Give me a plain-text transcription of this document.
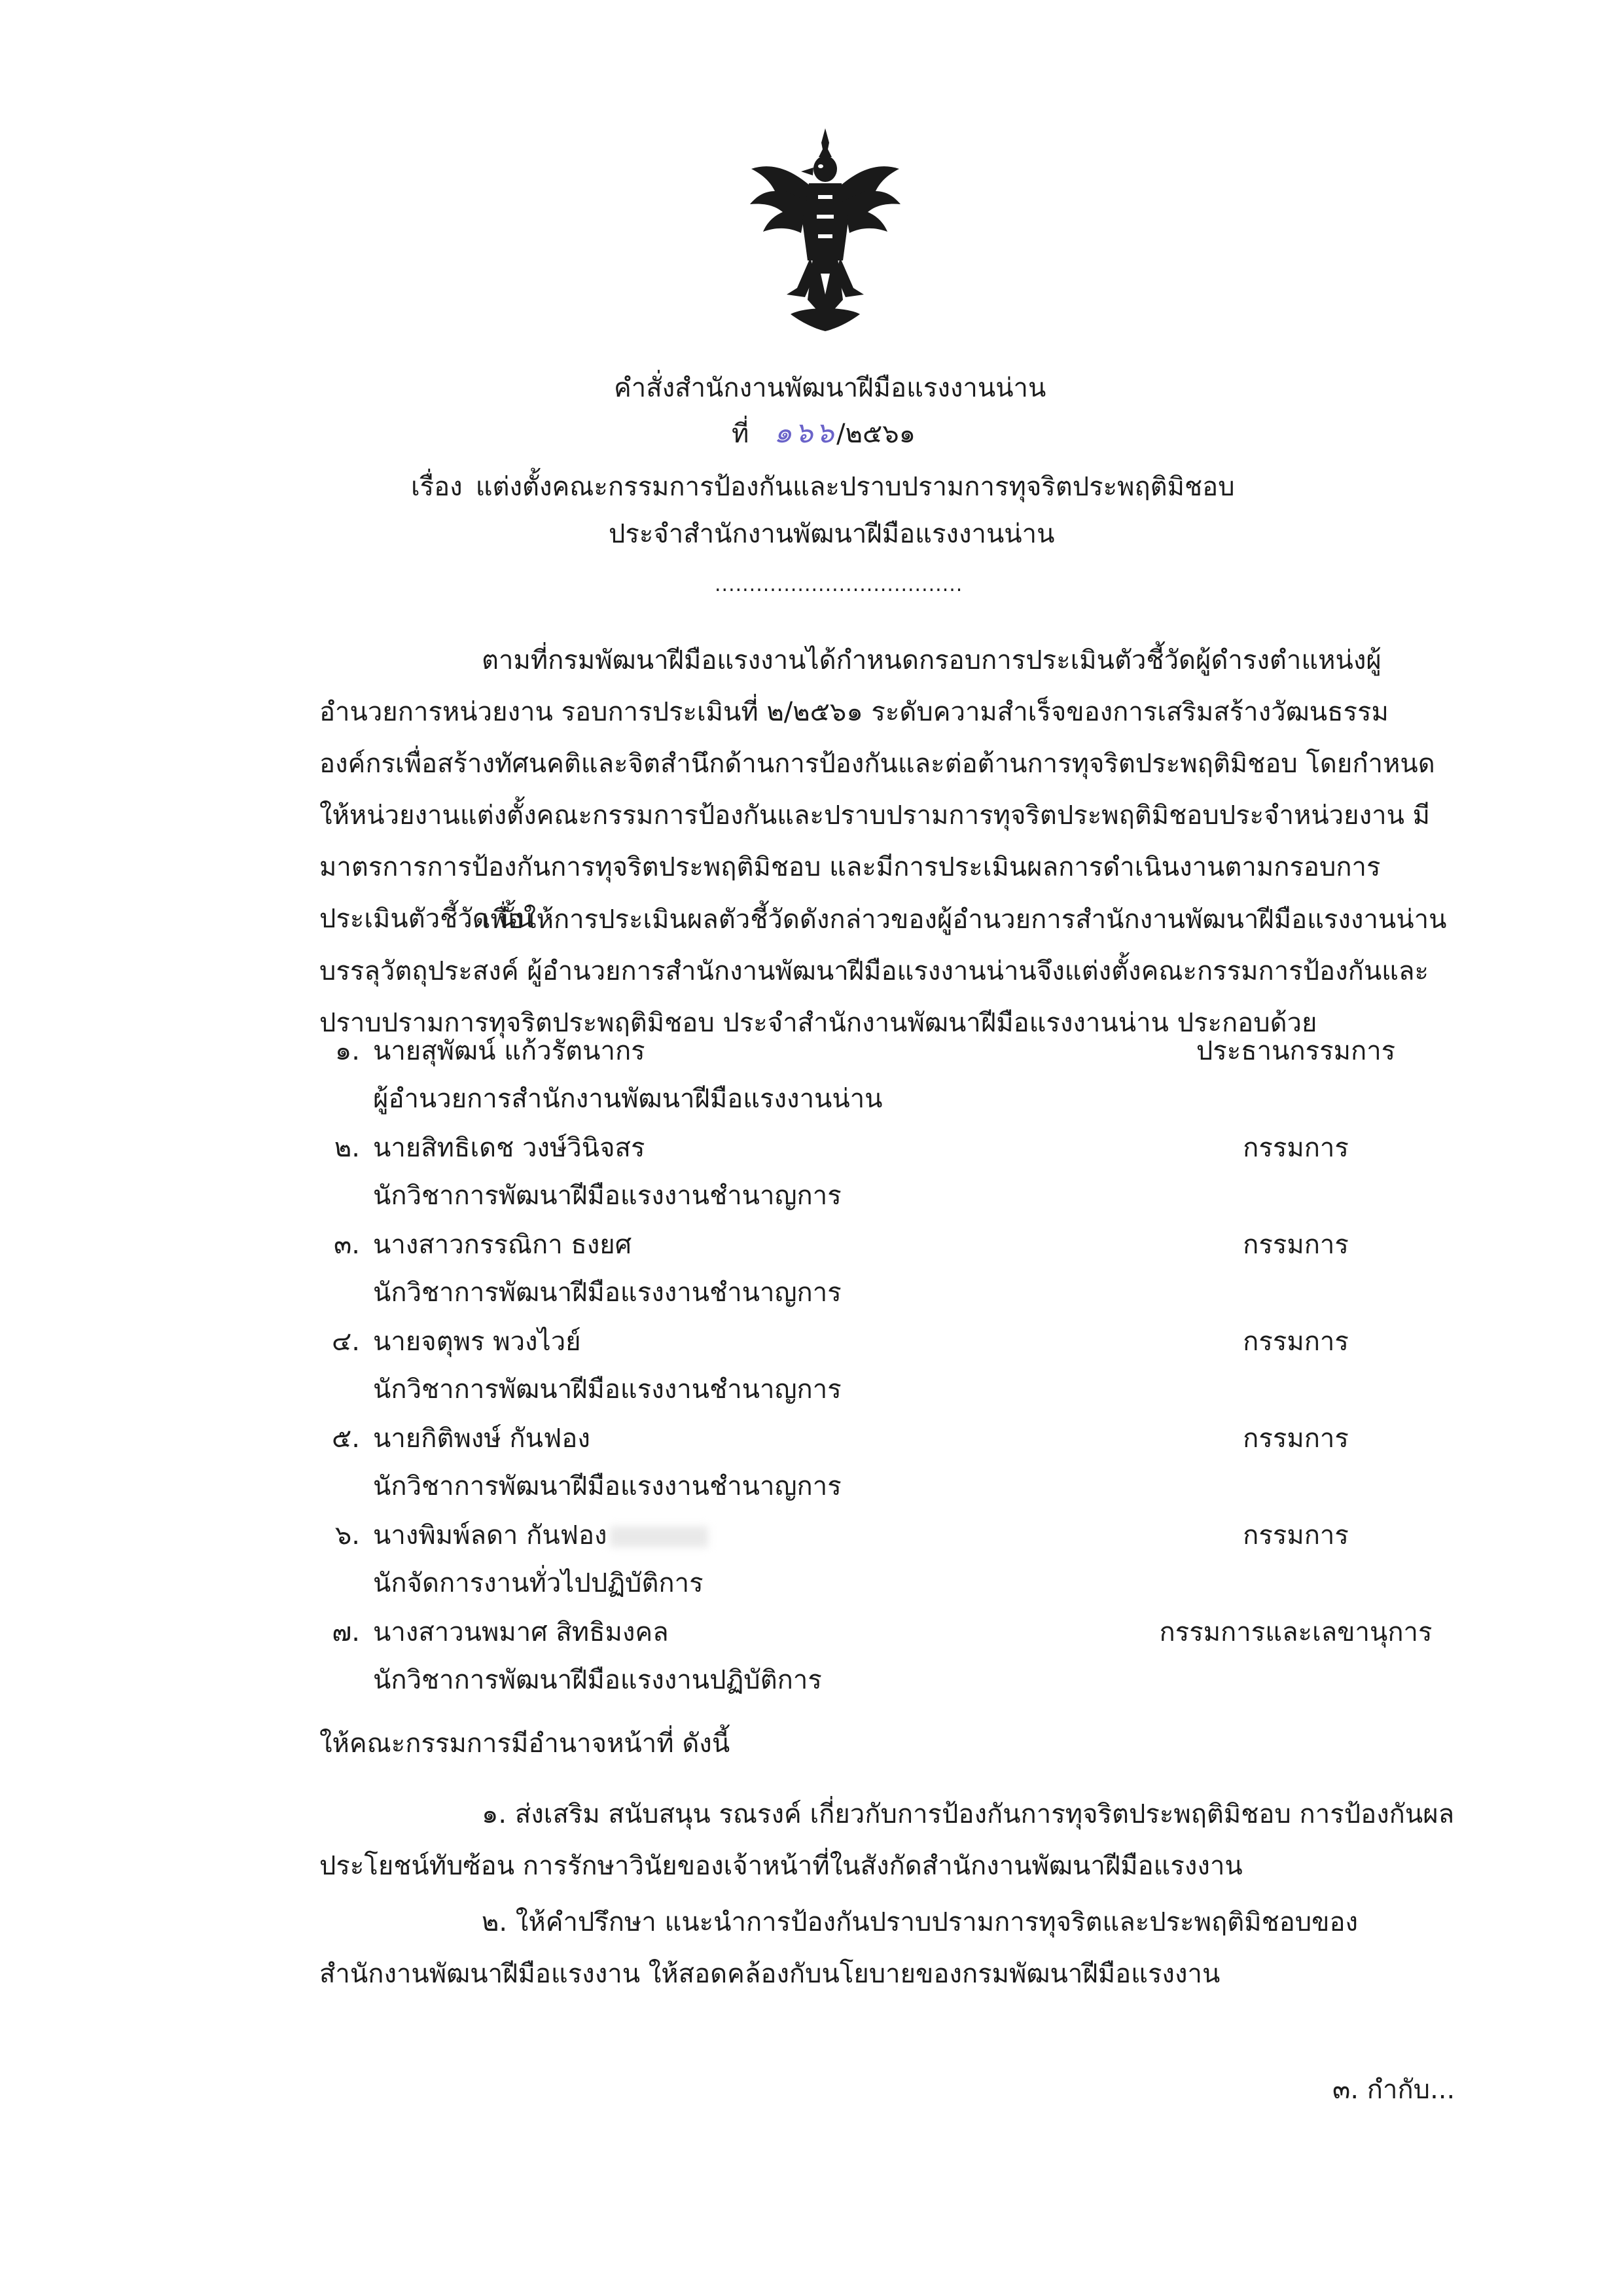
คำสั่งสำนักงานพัฒนาฝีมือแรงงานน่าน
ที่ ๑๖๖/๒๕๖๑
เรื่อง แต่งตั้งคณะกรรมการป้องกันและปราบปรามการทุจริตประพฤติมิชอบ
ประจำสำนักงานพัฒนาฝีมือแรงงานน่าน
....................................
ตามที่กรมพัฒนาฝีมือแรงงานได้กำหนดกรอบการประเมินตัวชี้วัดผู้ดำรงตำแหน่งผู้อำนวยการหน่วยงาน รอบการประเมินที่ ๒/๒๕๖๑ ระดับความสำเร็จของการเสริมสร้างวัฒนธรรมองค์กรเพื่อสร้างทัศนคติและจิตสำนึกด้านการป้องกันและต่อต้านการทุจริตประพฤติมิชอบ โดยกำหนดให้หน่วยงานแต่งตั้งคณะกรรมการป้องกันและปราบปรามการทุจริตประพฤติมิชอบประจำหน่วยงาน มีมาตรการการป้องกันการทุจริตประพฤติมิชอบ และมีการประเมินผลการดำเนินงานตามกรอบการประเมินตัวชี้วัด นั้น
เพื่อให้การประเมินผลตัวชี้วัดดังกล่าวของผู้อำนวยการสำนักงานพัฒนาฝีมือแรงงานน่าน บรรลุวัตถุประสงค์ ผู้อำนวยการสำนักงานพัฒนาฝีมือแรงงานน่านจึงแต่งตั้งคณะกรรมการป้องกันและปราบปรามการทุจริตประพฤติมิชอบ ประจำสำนักงานพัฒนาฝีมือแรงงานน่าน ประกอบด้วย
๑. นายสุพัฒน์ แก้วรัตนากร	ประธานกรรมการ
ผู้อำนวยการสำนักงานพัฒนาฝีมือแรงงานน่าน
๒. นายสิทธิเดช วงษ์วินิจสร	กรรมการ
นักวิชาการพัฒนาฝีมือแรงงานชำนาญการ
๓. นางสาวกรรณิกา ธงยศ	กรรมการ
นักวิชาการพัฒนาฝีมือแรงงานชำนาญการ
๔. นายจตุพร พวงไวย์	กรรมการ
นักวิชาการพัฒนาฝีมือแรงงานชำนาญการ
๕. นายกิติพงษ์ กันฟอง	กรรมการ
นักวิชาการพัฒนาฝีมือแรงงานชำนาญการ
๖. นางพิมพ์ลดา กันฟอง	กรรมการ
นักจัดการงานทั่วไปปฏิบัติการ
๗. นางสาวนพมาศ สิทธิมงคล	กรรมการและเลขานุการ
นักวิชาการพัฒนาฝีมือแรงงานปฏิบัติการ
ให้คณะกรรมการมีอำนาจหน้าที่ ดังนี้
๑. ส่งเสริม สนับสนุน รณรงค์ เกี่ยวกับการป้องกันการทุจริตประพฤติมิชอบ การป้องกันผลประโยชน์ทับซ้อน การรักษาวินัยของเจ้าหน้าที่ในสังกัดสำนักงานพัฒนาฝีมือแรงงาน
๒. ให้คำปรึกษา แนะนำการป้องกันปราบปรามการทุจริตและประพฤติมิชอบของสำนักงานพัฒนาฝีมือแรงงาน ให้สอดคล้องกับนโยบายของกรมพัฒนาฝีมือแรงงาน
๓. กำกับ...
